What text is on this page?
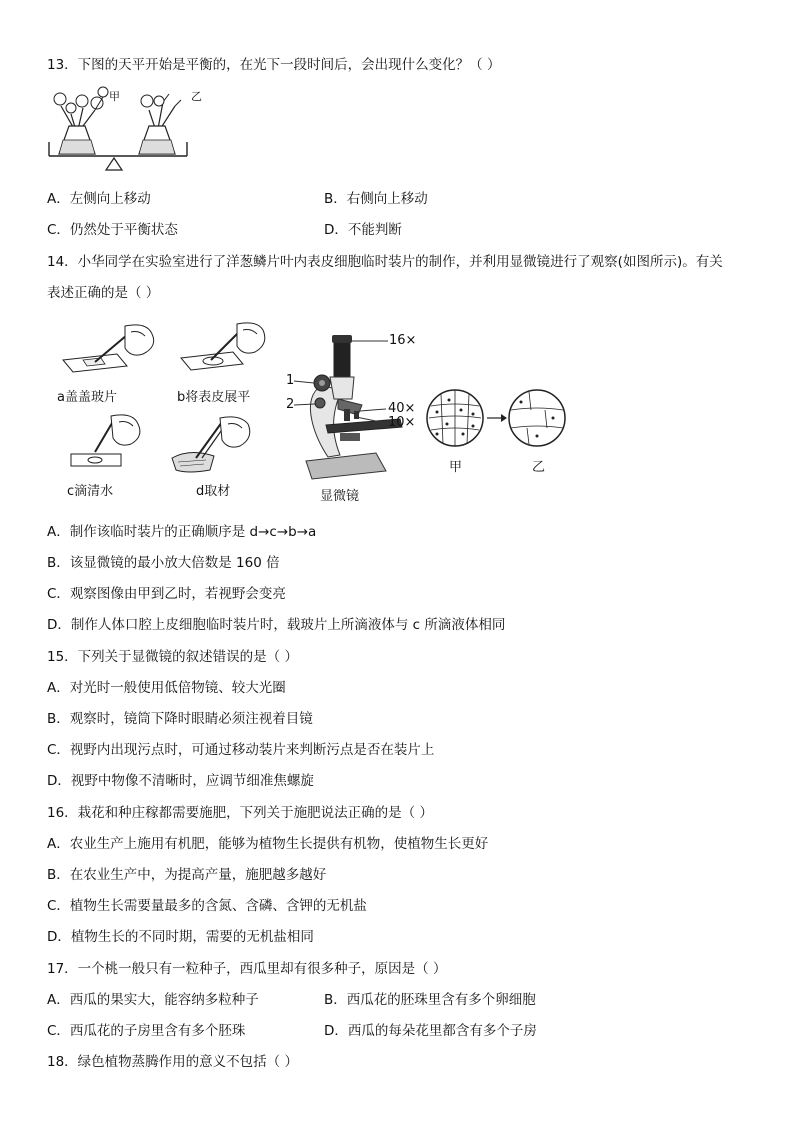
13．下图的天平开始是平衡的，在光下一段时间后，会出现什么变化？（ ）
甲	乙
A．左侧向上移动	B．右侧向上移动
C．仍然处于平衡状态	D．不能判断
14．小华同学在实验室进行了洋葱鳞片叶内表皮细胞临时装片的制作，并利用显微镜进行了观察(如图所示)。有关
表述正确的是（ ）
a盖盖玻片	b将表皮展平
c滴清水	d取材
16×
1
2	40×
10×
显微镜
甲	乙
A．制作该临时装片的正确顺序是 d→c→b→a
B．该显微镜的最小放大倍数是 160 倍
C．观察图像由甲到乙时，若视野会变亮
D．制作人体口腔上皮细胞临时装片时，载玻片上所滴液体与 c 所滴液体相同
15．下列关于显微镜的叙述错误的是（ ）
A．对光时一般使用低倍物镜、较大光圈
B．观察时，镜筒下降时眼睛必须注视着目镜
C．视野内出现污点时，可通过移动装片来判断污点是否在装片上
D．视野中物像不清晰时，应调节细准焦螺旋
16．栽花和种庄稼都需要施肥，下列关于施肥说法正确的是（ ）
A．农业生产上施用有机肥，能够为植物生长提供有机物，使植物生长更好
B．在农业生产中，为提高产量，施肥越多越好
C．植物生长需要量最多的含氮、含磷、含钾的无机盐
D．植物生长的不同时期，需要的无机盐相同
17．一个桃一般只有一粒种子，西瓜里却有很多种子，原因是（ ）
A．西瓜的果实大，能容纳多粒种子	B．西瓜花的胚珠里含有多个卵细胞
C．西瓜花的子房里含有多个胚珠	D．西瓜的每朵花里都含有多个子房
18．绿色植物蒸腾作用的意义不包括（ ）
